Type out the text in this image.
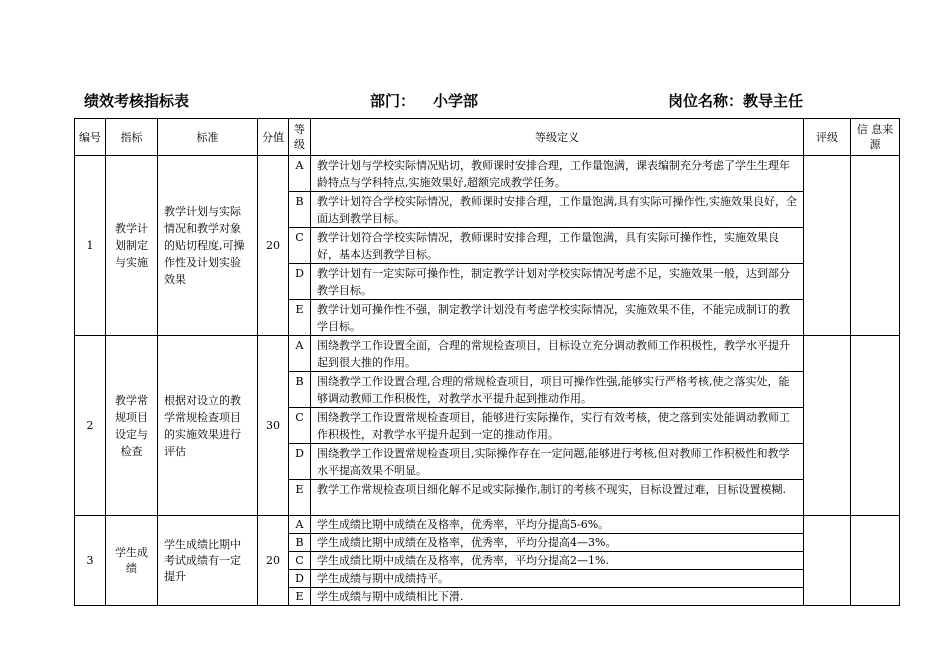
绩效考核指标表	部门： 小学部	岗位名称：教导主任
编号	指标	标准	分值	等级	等级定义	评级	信 息来源
1	教学计划制定与实施	教学计划与实际情况和教学对象的贴切程度,可操作性及计划实验效果	20	A	教学计划与学校实际情况贴切，教师课时安排合理，工作量饱满，课表编制充分考虑了学生生理年龄特点与学科特点,实施效果好,超额完成教学任务。		
				B	教学计划符合学校实际情况，教师课时安排合理，工作量饱满,具有实际可操作性,实施效果良好，全面达到教学目标。		
				C	教学计划符合学校实际情况，教师课时安排合理，工作量饱满，具有实际可操作性，实施效果良好，基本达到教学目标。		
				D	教学计划有一定实际可操作性，制定教学计划对学校实际情况考虑不足，实施效果一般，达到部分教学目标。		
				E	教学计划可操作性不强，制定教学计划没有考虑学校实际情况，实施效果不佳，不能完成制订的教学目标。		
2	教学常规项目设定与检查	根据对设立的教学常规检查项目的实施效果进行评估	30	A	围绕教学工作设置全面，合理的常规检查项目，目标设立充分调动教师工作积极性，教学水平提升起到很大推的作用。		
				B	围绕教学工作设置合理,合理的常规检查项目，项目可操作性强,能够实行严格考核,使之落实处，能够调动教师工作积极性，对教学水平提升起到推动作用。		
				C	围绕教学工作设置常规检查项目，能够进行实际操作，实行有效考核，使之落到实处能调动教师工作积极性，对教学水平提升起到一定的推动作用。		
				D	围绕教学工作设置常规检查项目,实际操作存在一定问题,能够进行考核,但对教师工作积极性和教学水平提高效果不明显。		
				E	教学工作常规检查项目细化解不足或实际操作,制订的考核不现实，目标设置过难，目标设置模糊.		
3	学生成绩	学生成绩比期中考试成绩有一定提升	20	A	学生成绩比期中成绩在及格率，优秀率，平均分提高5-6%。		
				B	学生成绩比期中成绩在及格率，优秀率，平均分提高4—3%。		
				C	学生成绩比期中成绩在及格率，优秀率，平均分提高2—1%.		
				D	学生成绩与期中成绩持平。		
				E	学生成绩与期中成绩相比下滑.		
